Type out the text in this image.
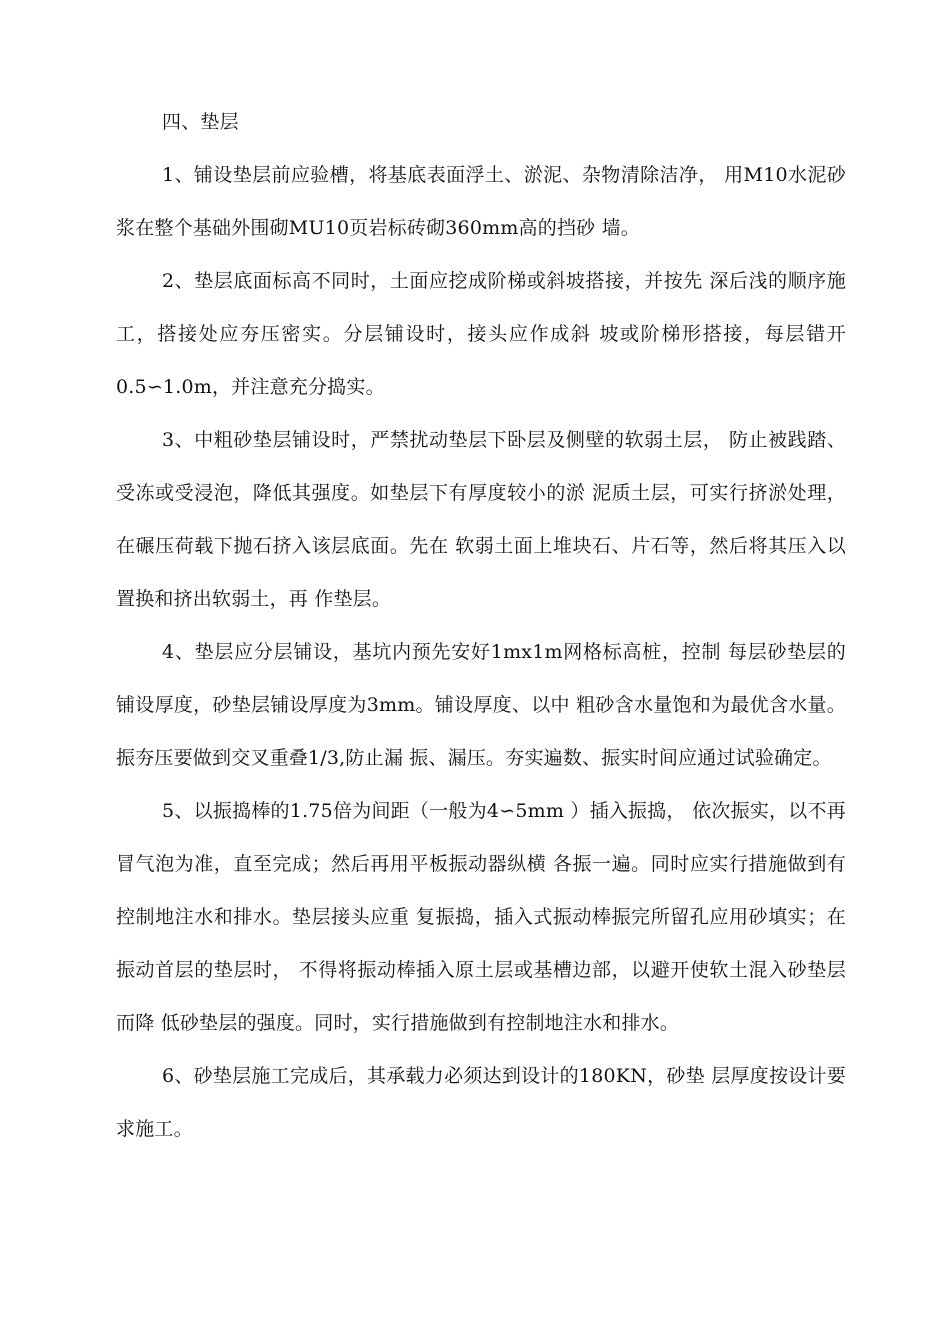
四、垫层

1、铺设垫层前应验槽，将基底表面浮土、淤泥、杂物清除洁净， 用M10水泥砂浆在整个基础外围砌MU10页岩标砖砌360mm高的挡砂 墙。

2、垫层底面标高不同时，土面应挖成阶梯或斜坡搭接，并按先 深后浅的顺序施工，搭接处应夯压密实。分层铺设时，接头应作成斜 坡或阶梯形搭接，每层错开0.5∽1.0m，并注意充分捣实。

3、中粗砂垫层铺设时，严禁扰动垫层下卧层及侧壁的软弱土层， 防止被践踏、受冻或受浸泡，降低其强度。如垫层下有厚度较小的淤 泥质土层，可实行挤淤处理，在碾压荷载下抛石挤入该层底面。先在 软弱土面上堆块石、片石等，然后将其压入以置换和挤出软弱土，再 作垫层。

4、垫层应分层铺设，基坑内预先安好1mx1m网格标高桩，控制 每层砂垫层的铺设厚度，砂垫层铺设厚度为3mm。铺设厚度、以中 粗砂含水量饱和为最优含水量。振夯压要做到交叉重叠1/3,防止漏 振、漏压。夯实遍数、振实时间应通过试验确定。

5、以振捣棒的1.75倍为间距（一般为4∽5mm ）插入振捣， 依次振实，以不再冒气泡为准，直至完成；然后再用平板振动器纵横 各振一遍。同时应实行措施做到有控制地注水和排水。垫层接头应重 复振捣，插入式振动棒振完所留孔应用砂填实；在振动首层的垫层时， 不得将振动棒插入原土层或基槽边部，以避开使软土混入砂垫层而降 低砂垫层的强度。同时，实行措施做到有控制地注水和排水。

6、砂垫层施工完成后，其承载力必须达到设计的180KN，砂垫 层厚度按设计要求施工。
